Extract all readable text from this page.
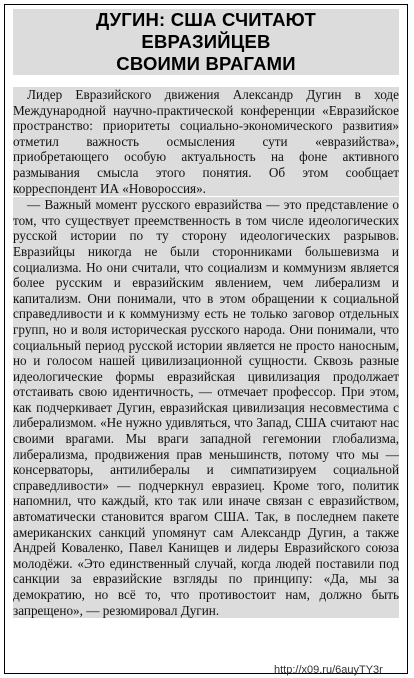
ДУГИН: США СЧИТАЮТ
ЕВРАЗИЙЦЕВ
СВОИМИ ВРАГАМИ

Лидер Евразийского движения Александр Дугин в ходе Международной научно-практической конференции «Евразийское пространство: приоритеты социально-экономического развития» отметил важность осмысления сути «евразийства», приобретающего особую актуальность на фоне активного размывания смысла этого понятия. Об этом сообщает корреспондент ИА «Новороссия».

— Важный момент русского евразийства — это представление о том, что существует преемственность в том числе идеологических русской истории по ту сторону идеологических разрывов. Евразийцы никогда не были сторонниками большевизма и социализма. Но они считали, что социализм и коммунизм является более русским и евразийским явлением, чем либерализм и капитализм. Они понимали, что в этом обращении к социальной справедливости и к коммунизму есть не только заговор отдельных групп, но и воля историческая русского народа. Они понимали, что социальный период русской истории является не просто наносным, но и голосом нашей цивилизационной сущности. Сквозь разные идеологические формы евразийская цивилизация продолжает отстаивать свою идентичность, — отмечает профессор. При этом, как подчеркивает Дугин, евразийская цивилизация несовместима с либерализмом. «Не нужно удивляться, что Запад, США считают нас своими врагами. Мы враги западной гегемонии глобализма, либерализма, продвижения прав меньшинств, потому что мы — консерваторы, антилибералы и симпатизируем социальной справедливости» — подчеркнул евразиец. Кроме того, политик напомнил, что каждый, кто так или иначе связан с евразийством, автоматически становится врагом США. Так, в последнем пакете американских санкций упомянут сам Александр Дугин, а также Андрей Коваленко, Павел Канищев и лидеры Евразийского союза молодёжи. «Это единственный случай, когда людей поставили под санкции за евразийские взгляды по принципу: «Да, мы за демократию, но всё то, что противостоит нам, должно быть запрещено», — резюмировал Дугин.

http://x09.ru/6auyTY3r
